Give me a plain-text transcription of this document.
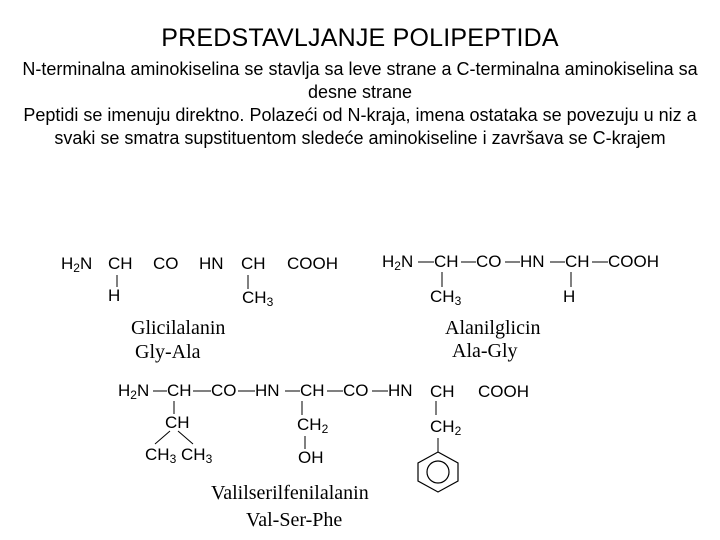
PREDSTAVLJANJE POLIPEPTIDA
N-terminalna aminokiselina se stavlja sa leve strane a C-terminalna aminokiselina sa desne strane
Peptidi se imenuju direktno. Polazeći od N-kraja, imena ostataka se povezuju u niz a svaki se smatra supstituentom sledeće aminokiseline i završava se C-krajem
$H_2N$ CH CO HN CH COOH
H	$CH_3$
Glicilalanin
Gly-Ala
$H_2N$ CH CO HN CH COOH
$CH_3$	H
Alanilglicin
Ala-Gly
$H_2N$ CH CO HN CH CO HN CH COOH
CH
$CH_3$ $CH_3$
$CH_2$
OH
$CH_2$
Valilserilfenilalanin
Val-Ser-Phe
